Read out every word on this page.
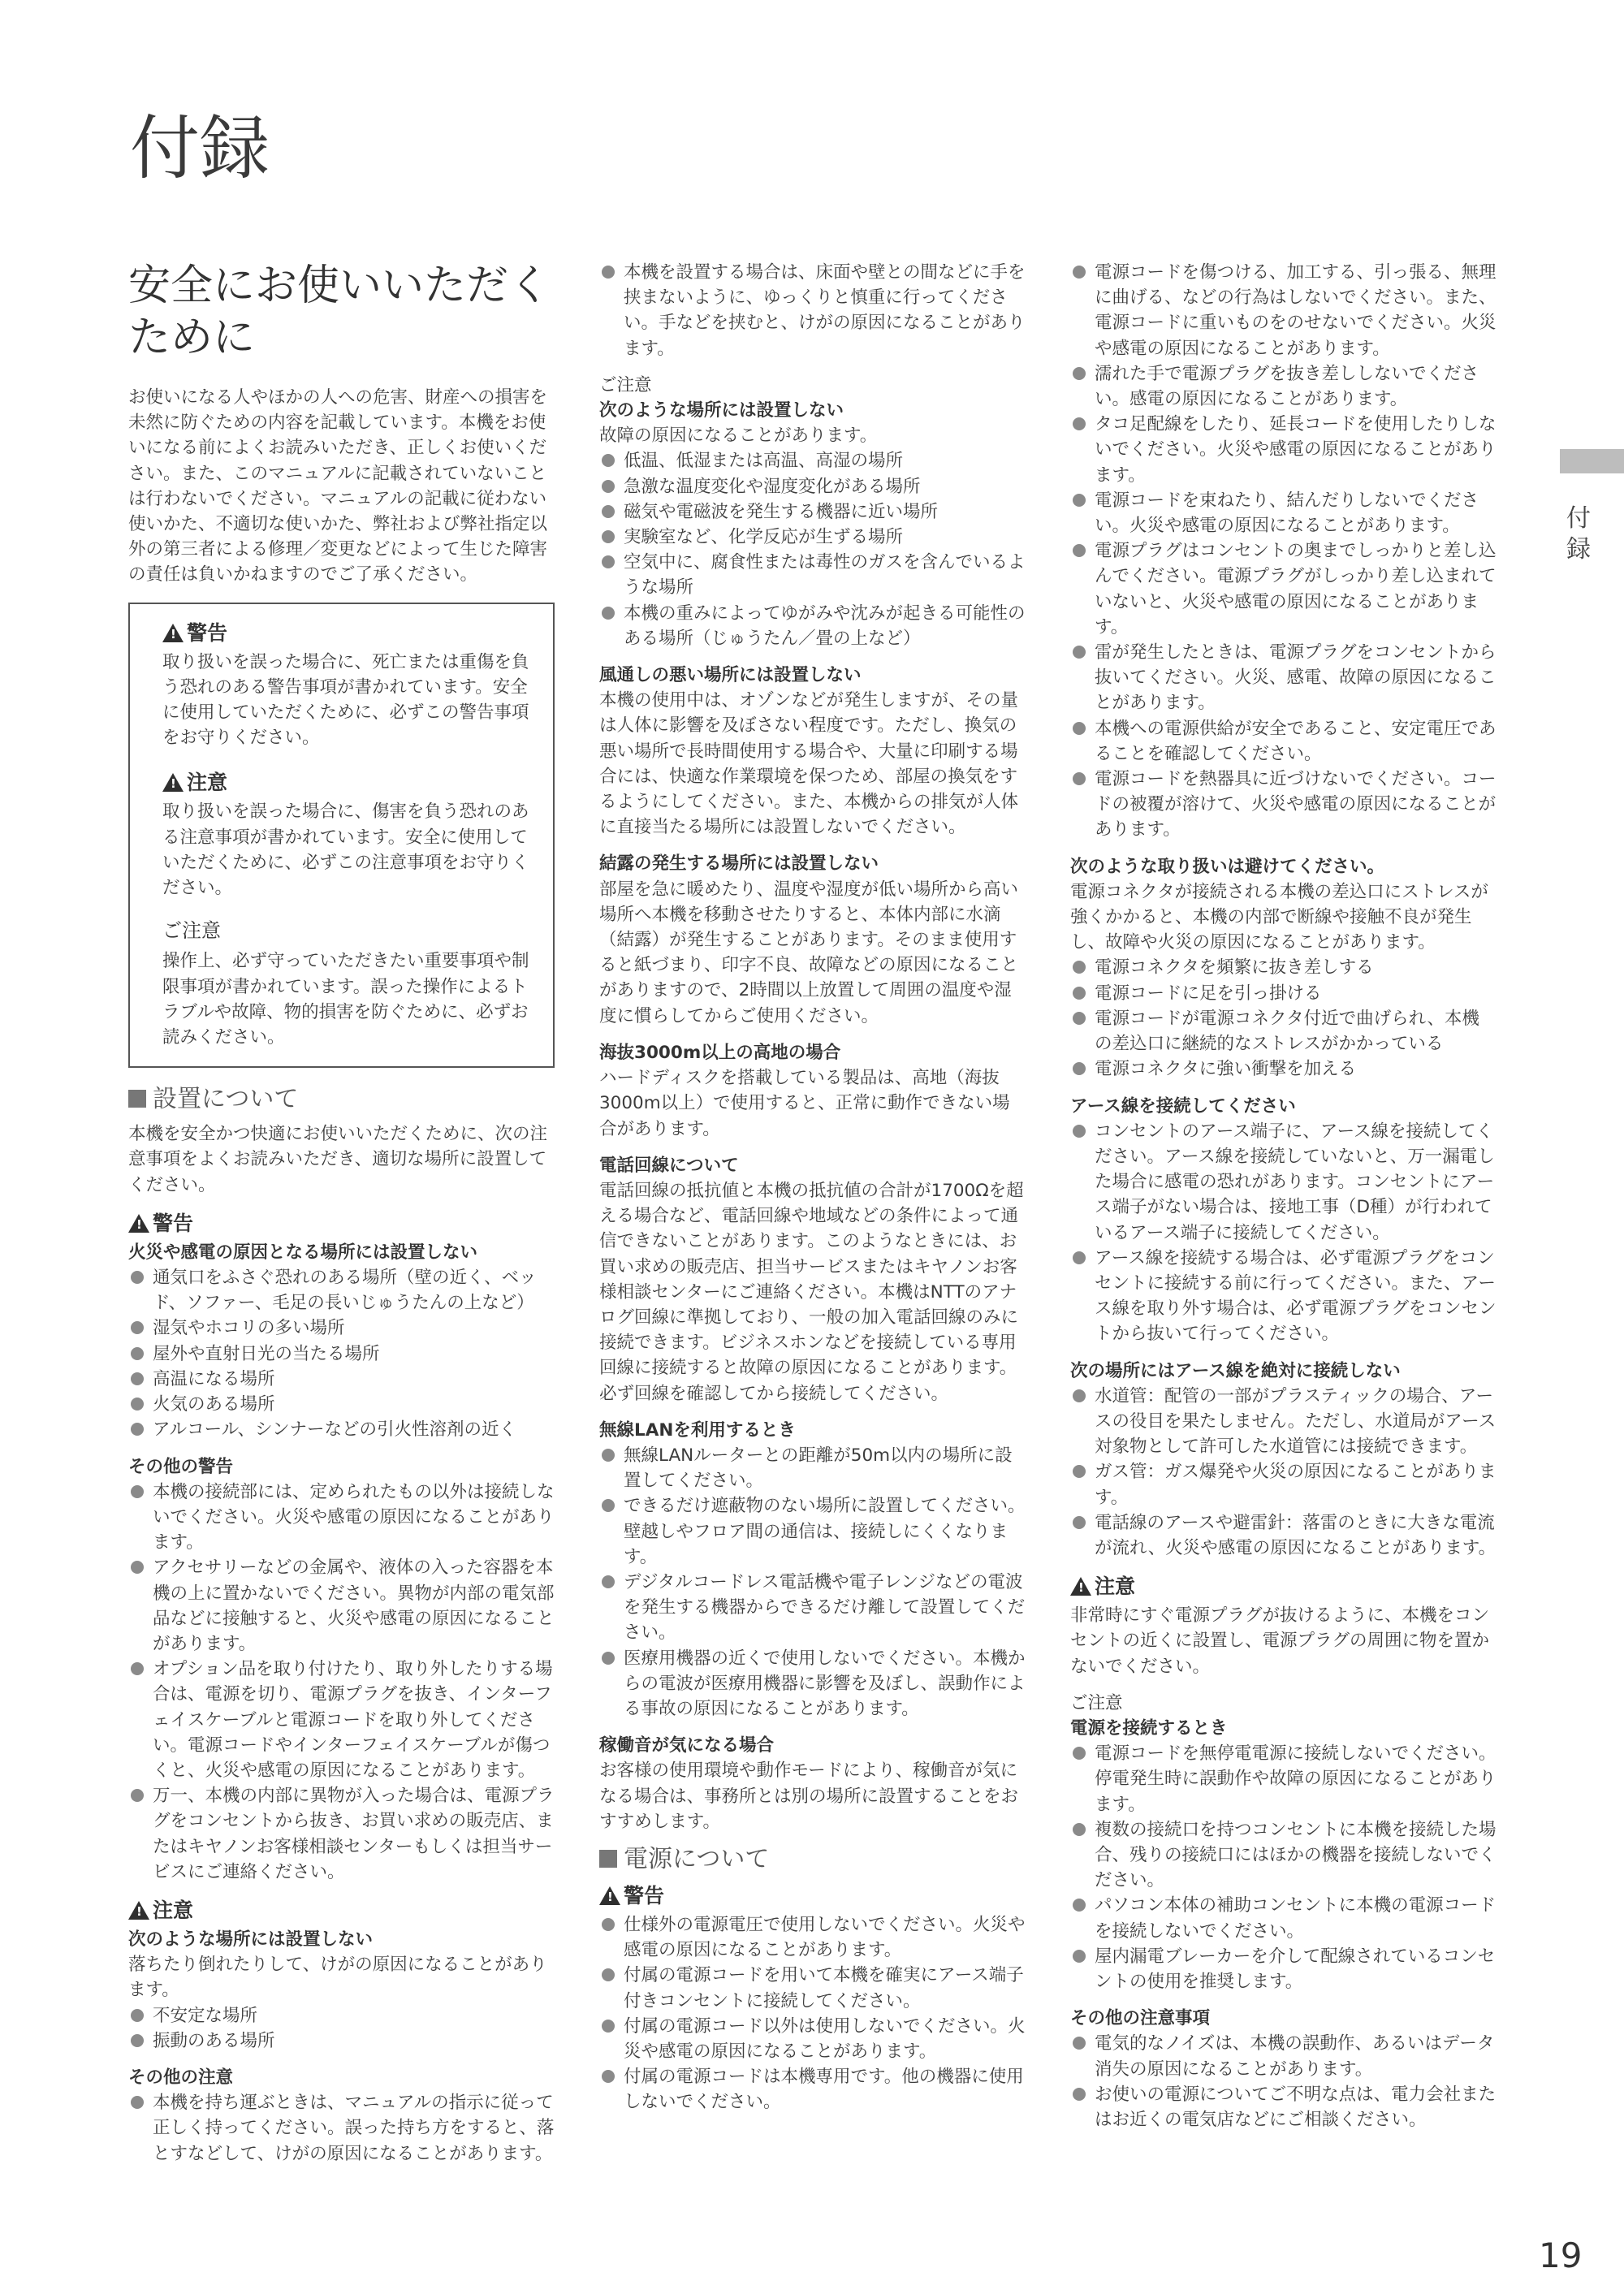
付録
安全にお使いいただくために

お使いになる人やほかの人への危害、財産への損害を未然に防ぐための内容を記載しています。本機をお使いになる前によくお読みいただき、正しくお使いください。また、このマニュアルに記載されていないことは行わないでください。マニュアルの記載に従わない使いかた、不適切な使いかた、弊社および弊社指定以外の第三者による修理／変更などによって生じた障害の責任は負いかねますのでご了承ください。

!警告

取り扱いを誤った場合に、死亡または重傷を負う恐れのある警告事項が書かれています。安全に使用していただくために、必ずこの警告事項をお守りください。

!注意

取り扱いを誤った場合に、傷害を負う恐れのある注意事項が書かれています。安全に使用していただくために、必ずこの注意事項をお守りください。

ご注意

操作上、必ず守っていただきたい重要事項や制限事項が書かれています。誤った操作によるトラブルや故障、物的損害を防ぐために、必ずお読みください。

設置について

本機を安全かつ快適にお使いいただくために、次の注意事項をよくお読みいただき、適切な場所に設置してください。

!警告
火災や感電の原因となる場所には設置しない
通気口をふさぐ恐れのある場所（壁の近く、ベッド、ソファー、毛足の長いじゅうたんの上など）
湿気やホコリの多い場所
屋外や直射日光の当たる場所
高温になる場所
火気のある場所
アルコール、シンナーなどの引火性溶剤の近く
その他の警告
本機の接続部には、定められたもの以外は接続しないでください。火災や感電の原因になることがあります。
アクセサリーなどの金属や、液体の入った容器を本機の上に置かないでください。異物が内部の電気部品などに接触すると、火災や感電の原因になることがあります。
オプション品を取り付けたり、取り外したりする場合は、電源を切り、電源プラグを抜き、インターフェイスケーブルと電源コードを取り外してください。電源コードやインターフェイスケーブルが傷つくと、火災や感電の原因になることがあります。
万一、本機の内部に異物が入った場合は、電源プラグをコンセントから抜き、お買い求めの販売店、またはキヤノンお客様相談センターもしくは担当サービスにご連絡ください。
!注意
次のような場所には設置しない

落ちたり倒れたりして、けがの原因になることがあります。

不安定な場所
振動のある場所
その他の注意
本機を持ち運ぶときは、マニュアルの指示に従って正しく持ってください。誤った持ち方をすると、落とすなどして、けがの原因になることがあります。
本機を設置する場合は、床面や壁との間などに手を挟まないように、ゆっくりと慎重に行ってください。手などを挟むと、けがの原因になることがあります。
ご注意
次のような場所には設置しない

故障の原因になることがあります。

低温、低湿または高温、高湿の場所
急激な温度変化や湿度変化がある場所
磁気や電磁波を発生する機器に近い場所
実験室など、化学反応が生ずる場所
空気中に、腐食性または毒性のガスを含んでいるような場所
本機の重みによってゆがみや沈みが起きる可能性のある場所（じゅうたん／畳の上など）
風通しの悪い場所には設置しない

本機の使用中は、オゾンなどが発生しますが、その量は人体に影響を及ぼさない程度です。ただし、換気の悪い場所で長時間使用する場合や、大量に印刷する場合には、快適な作業環境を保つため、部屋の換気をするようにしてください。また、本機からの排気が人体に直接当たる場所には設置しないでください。

結露の発生する場所には設置しない

部屋を急に暖めたり、温度や湿度が低い場所から高い場所へ本機を移動させたりすると、本体内部に水滴（結露）が発生することがあります。そのまま使用すると紙づまり、印字不良、故障などの原因になることがありますので、2時間以上放置して周囲の温度や湿度に慣らしてからご使用ください。

海抜3000m以上の高地の場合

ハードディスクを搭載している製品は、高地（海抜3000m以上）で使用すると、正常に動作できない場合があります。

電話回線について

電話回線の抵抗値と本機の抵抗値の合計が1700Ωを超える場合など、電話回線や地域などの条件によって通信できないことがあります。このようなときには、お買い求めの販売店、担当サービスまたはキヤノンお客様相談センターにご連絡ください。本機はNTTのアナログ回線に準拠しており、一般の加入電話回線のみに接続できます。ビジネスホンなどを接続している専用回線に接続すると故障の原因になることがあります。必ず回線を確認してから接続してください。

無線LANを利用するとき
無線LANルーターとの距離が50m以内の場所に設置してください。
できるだけ遮蔽物のない場所に設置してください。壁越しやフロア間の通信は、接続しにくくなります。
デジタルコードレス電話機や電子レンジなどの電波を発生する機器からできるだけ離して設置してください。
医療用機器の近くで使用しないでください。本機からの電波が医療用機器に影響を及ぼし、誤動作による事故の原因になることがあります。
稼働音が気になる場合

お客様の使用環境や動作モードにより、稼働音が気になる場合は、事務所とは別の場所に設置することをおすすめします。

電源について
!警告
仕様外の電源電圧で使用しないでください。火災や感電の原因になることがあります。
付属の電源コードを用いて本機を確実にアース端子付きコンセントに接続してください。
付属の電源コード以外は使用しないでください。火災や感電の原因になることがあります。
付属の電源コードは本機専用です。他の機器に使用しないでください。
電源コードを傷つける、加工する、引っ張る、無理に曲げる、などの行為はしないでください。また、電源コードに重いものをのせないでください。火災や感電の原因になることがあります。
濡れた手で電源プラグを抜き差ししないでください。感電の原因になることがあります。
タコ足配線をしたり、延長コードを使用したりしないでください。火災や感電の原因になることがあります。
電源コードを束ねたり、結んだりしないでください。火災や感電の原因になることがあります。
電源プラグはコンセントの奥までしっかりと差し込んでください。電源プラグがしっかり差し込まれていないと、火災や感電の原因になることがあります。
雷が発生したときは、電源プラグをコンセントから抜いてください。火災、感電、故障の原因になることがあります。
本機への電源供給が安全であること、安定電圧であることを確認してください。
電源コードを熱器具に近づけないでください。コードの被覆が溶けて、火災や感電の原因になることがあります。
次のような取り扱いは避けてください。

電源コネクタが接続される本機の差込口にストレスが強くかかると、本機の内部で断線や接触不良が発生し、故障や火災の原因になることがあります。

電源コネクタを頻繁に抜き差しする
電源コードに足を引っ掛ける
電源コードが電源コネクタ付近で曲げられ、本機の差込口に継続的なストレスがかかっている
電源コネクタに強い衝撃を加える
アース線を接続してください
コンセントのアース端子に、アース線を接続してください。アース線を接続していないと、万一漏電した場合に感電の恐れがあります。コンセントにアース端子がない場合は、接地工事（D種）が行われているアース端子に接続してください。
アース線を接続する場合は、必ず電源プラグをコンセントに接続する前に行ってください。また、アース線を取り外す場合は、必ず電源プラグをコンセントから抜いて行ってください。
次の場所にはアース線を絶対に接続しない
水道管：配管の一部がプラスティックの場合、アースの役目を果たしません。ただし、水道局がアース対象物として許可した水道管には接続できます。
ガス管：ガス爆発や火災の原因になることがあります。
電話線のアースや避雷針：落雷のときに大きな電流が流れ、火災や感電の原因になることがあります。
!注意

非常時にすぐ電源プラグが抜けるように、本機をコンセントの近くに設置し、電源プラグの周囲に物を置かないでください。

ご注意
電源を接続するとき
電源コードを無停電電源に接続しないでください。停電発生時に誤動作や故障の原因になることがあります。
複数の接続口を持つコンセントに本機を接続した場合、残りの接続口にはほかの機器を接続しないでください。
パソコン本体の補助コンセントに本機の電源コードを接続しないでください。
屋内漏電ブレーカーを介して配線されているコンセントの使用を推奨します。
その他の注意事項
電気的なノイズは、本機の誤動作、あるいはデータ消失の原因になることがあります。
お使いの電源についてご不明な点は、電力会社またはお近くの電気店などにご相談ください。
付録
19
